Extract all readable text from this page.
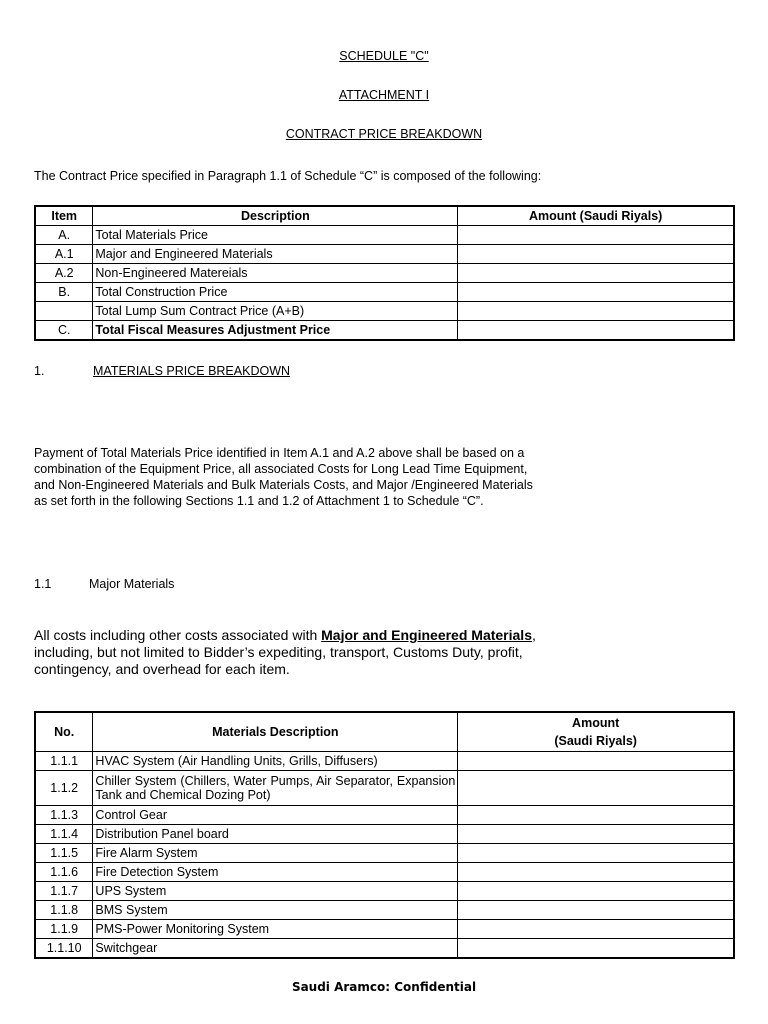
SCHEDULE "C"
ATTACHMENT I
CONTRACT PRICE BREAKDOWN
The Contract Price specified in Paragraph 1.1 of Schedule “C” is composed of the following:
Item	Description	Amount (Saudi Riyals)
A.	Total Materials Price	
A.1	Major and Engineered Materials	
A.2	Non-Engineered Matereials	
B.	Total Construction Price	
	Total Lump Sum Contract Price (A+B)	
C.	Total Fiscal Measures Adjustment Price	
1.	MATERIALS PRICE BREAKDOWN
Payment of Total Materials Price identified in Item A.1 and A.2 above shall be based on a
combination of the Equipment Price, all associated Costs for Long Lead Time Equipment,
and Non-Engineered Materials and Bulk Materials Costs, and Major /Engineered Materials
as set forth in the following Sections 1.1 and 1.2 of Attachment 1 to Schedule “C”.
1.1	Major Materials
All costs including other costs associated with Major and Engineered Materials,
including, but not limited to Bidder’s expediting, transport, Customs Duty, profit,
contingency, and overhead for each item.
No.	Materials Description	Amount
(Saudi Riyals)

1.1.1	HVAC System (Air Handling Units, Grills, Diffusers)	
1.1.2	Chiller System (Chillers, Water Pumps, Air Separator, Expansion Tank and Chemical Dozing Pot)	
1.1.3	Control Gear	
1.1.4	Distribution Panel board	
1.1.5	Fire Alarm System	
1.1.6	Fire Detection System	
1.1.7	UPS System	
1.1.8	BMS System	
1.1.9	PMS-Power Monitoring System	
1.1.10	Switchgear	
Saudi Aramco: Confidential
